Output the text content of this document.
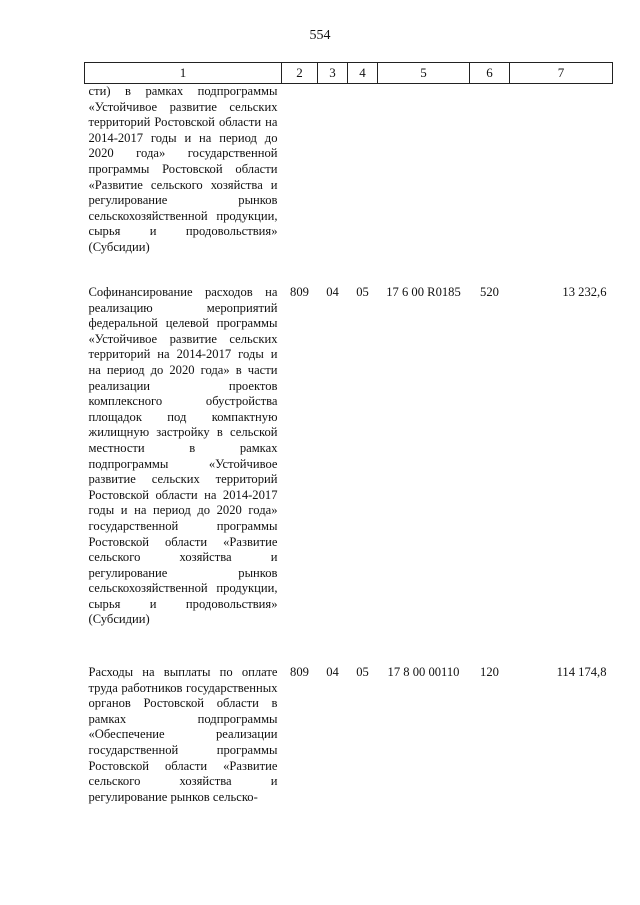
554
1	2	3	4	5	6	7
сти) в рамках подпрограммы «Устойчивое развитие сельских территорий Ростовской области на 2014-2017 годы и на период до 2020 года» государственной программы Ростовской области «Развитие сельского хозяйства и регулирование рынков сельскохозяйственной продукции, сырья и продовольствия» (Субсидии)						
Софинансирование расходов на реализацию мероприятий федеральной целевой программы «Устойчивое развитие сельских территорий на 2014-2017 годы и на период до 2020 года» в части реализации проектов комплексного обустройства площадок под компактную жилищную застройку в сельской местности в рамках подпрограммы «Устойчивое развитие сельских территорий Ростовской области на 2014-2017 годы и на период до 2020 года» государственной программы Ростовской области «Развитие сельского хозяйства и регулирование рынков сельскохозяйственной продукции, сырья и продовольствия» (Субсидии)	809	04	05	17 6 00 R0185	520	13 232,6
Расходы на выплаты по оплате труда работников государственных органов Ростовской области в рамках подпрограммы «Обеспечение реализации государственной программы Ростовской области «Развитие сельского хозяйства и регулирование рынков сельско-	809	04	05	17 8 00 00110	120	114 174,8
